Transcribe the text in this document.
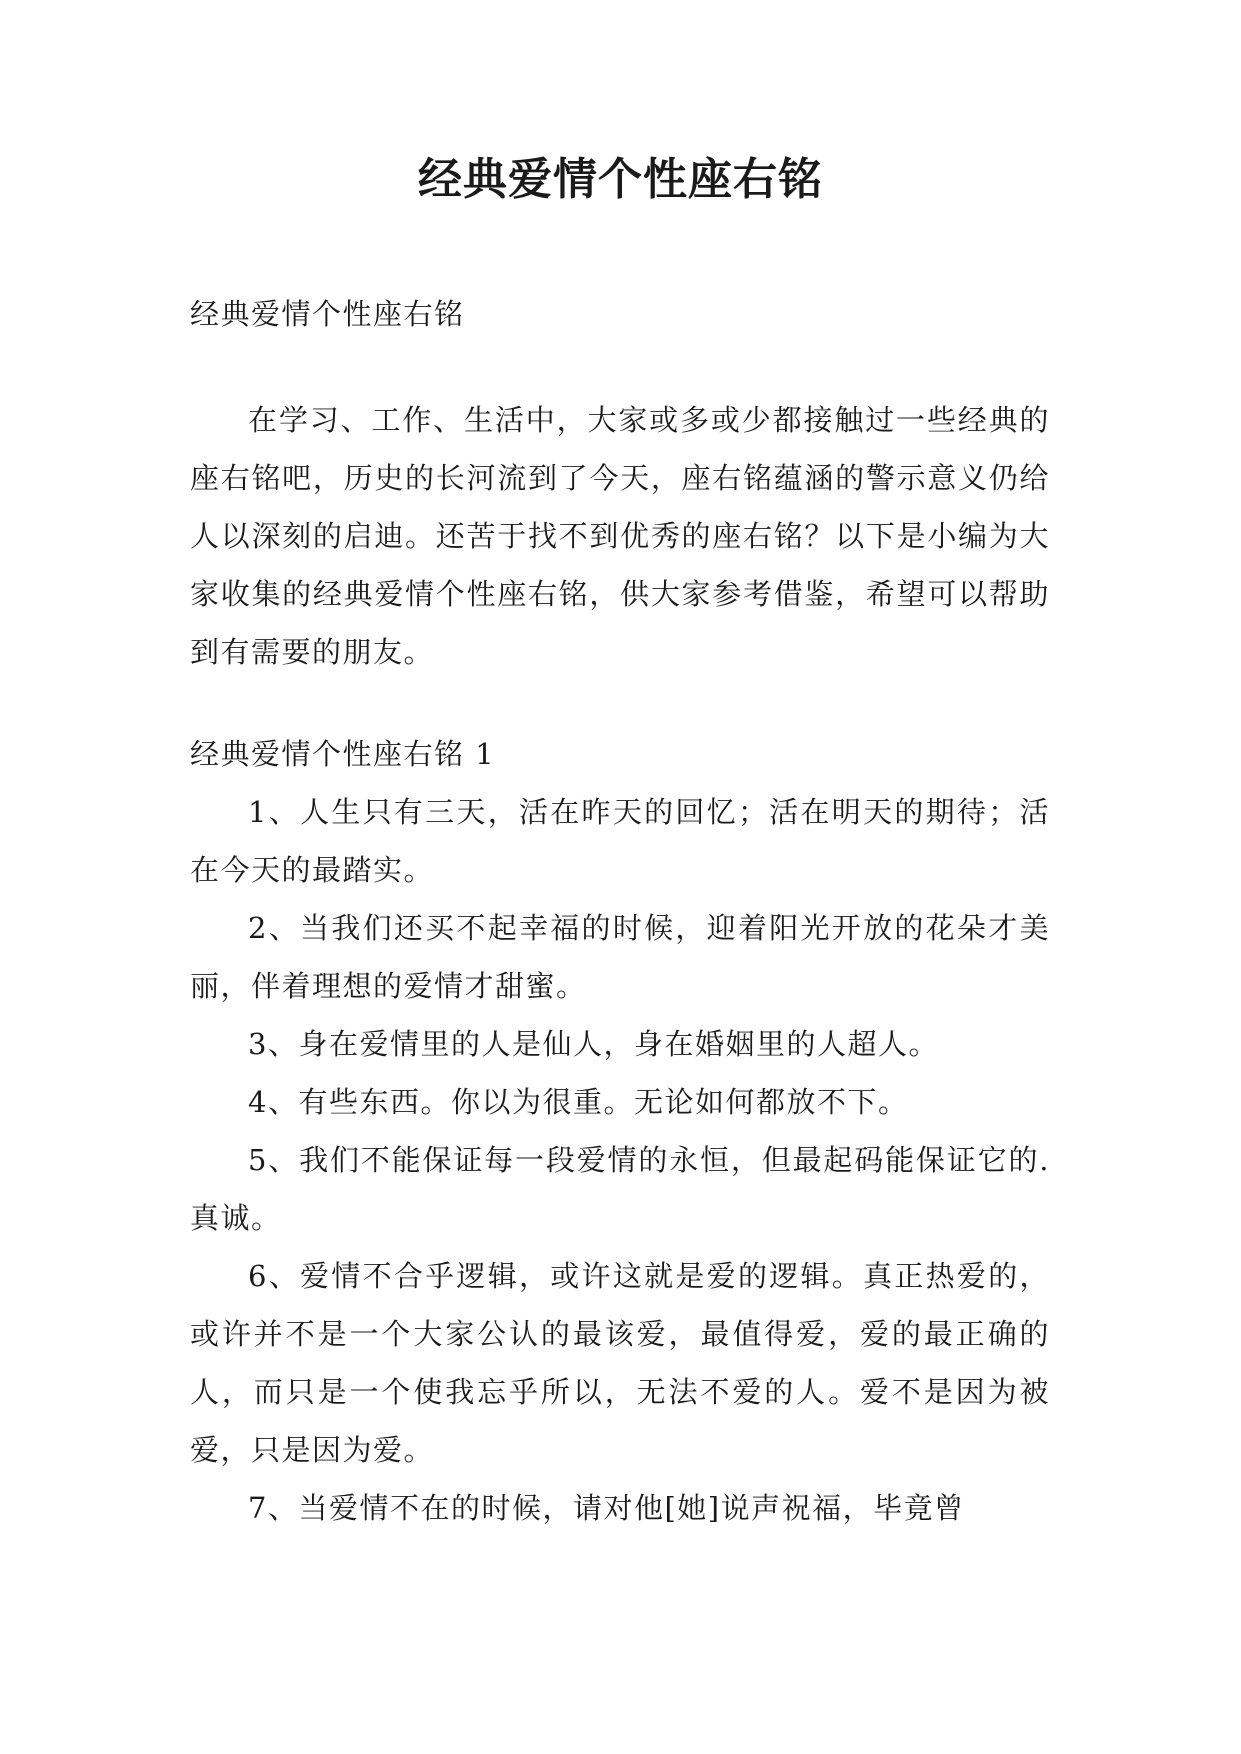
经典爱情个性座右铭

经典爱情个性座右铭

在学习、工作、生活中，大家或多或少都接触过一些经典的座右铭吧，历史的长河流到了今天，座右铭蕴涵的警示意义仍给人以深刻的启迪。还苦于找不到优秀的座右铭？以下是小编为大家收集的经典爱情个性座右铭，供大家参考借鉴，希望可以帮助到有需要的朋友。

经典爱情个性座右铭 1

1、人生只有三天，活在昨天的回忆；活在明天的期待；活在今天的最踏实。

2、当我们还买不起幸福的时候，迎着阳光开放的花朵才美丽，伴着理想的爱情才甜蜜。

3、身在爱情里的人是仙人，身在婚姻里的人超人。

4、有些东西。你以为很重。无论如何都放不下。

5、我们不能保证每一段爱情的永恒，但最起码能保证它的.真诚。

6、爱情不合乎逻辑，或许这就是爱的逻辑。真正热爱的，或许并不是一个大家公认的最该爱，最值得爱，爱的最正确的人，而只是一个使我忘乎所以，无法不爱的人。爱不是因为被爱，只是因为爱。

7、当爱情不在的时候，请对他[她]说声祝福，毕竟曾
